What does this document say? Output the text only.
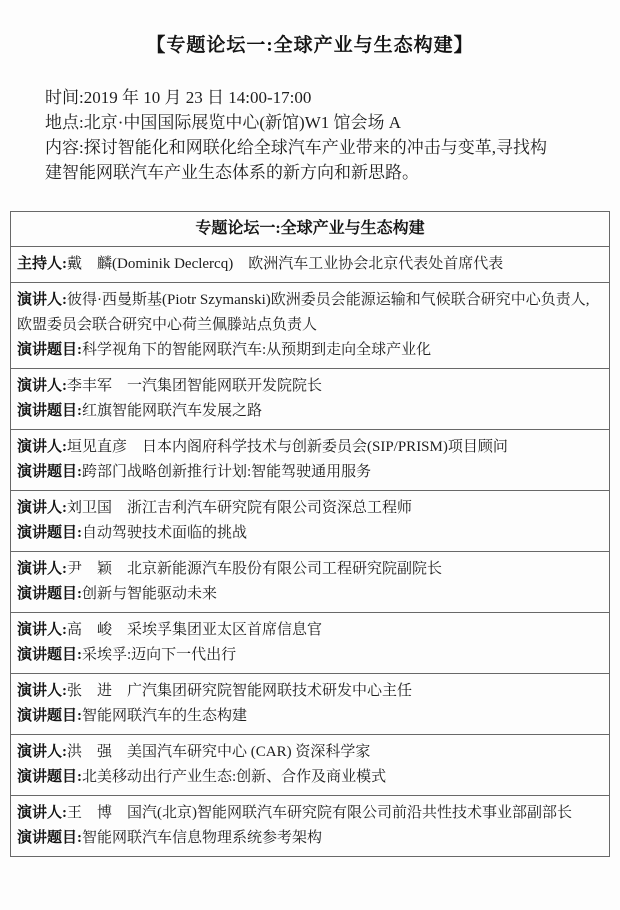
【专题论坛一:全球产业与生态构建】

时间:2019 年 10 月 23 日 14:00-17:00

地点:北京·中国国际展览中心(新馆)W1 馆会场 A

内容:探讨智能化和网联化给全球汽车产业带来的冲击与变革,寻找构建智能网联汽车产业生态体系的新方向和新思路。

专题论坛一:全球产业与生态构建

主持人:戴　麟(Dominik Declercq)　欧洲汽车工业协会北京代表处首席代表

演讲人:彼得·西曼斯基(Piotr Szymanski)欧洲委员会能源运输和气候联合研究中心负责人,欧盟委员会联合研究中心荷兰佩滕站点负责人

演讲题目:科学视角下的智能网联汽车:从预期到走向全球产业化

演讲人:李丰军　一汽集团智能网联开发院院长

演讲题目:红旗智能网联汽车发展之路

演讲人:垣见直彦　日本内阁府科学技术与创新委员会(SIP/PRISM)项目顾问

演讲题目:跨部门战略创新推行计划:智能驾驶通用服务

演讲人:刘卫国　浙江吉利汽车研究院有限公司资深总工程师

演讲题目:自动驾驶技术面临的挑战

演讲人:尹　颖　北京新能源汽车股份有限公司工程研究院副院长

演讲题目:创新与智能驱动未来

演讲人:高　峻　采埃孚集团亚太区首席信息官

演讲题目:采埃孚:迈向下一代出行

演讲人:张　进　广汽集团研究院智能网联技术研发中心主任

演讲题目:智能网联汽车的生态构建

演讲人:洪　强　美国汽车研究中心 (CAR) 资深科学家

演讲题目:北美移动出行产业生态:创新、合作及商业模式

演讲人:王　博　国汽(北京)智能网联汽车研究院有限公司前沿共性技术事业部副部长

演讲题目:智能网联汽车信息物理系统参考架构
